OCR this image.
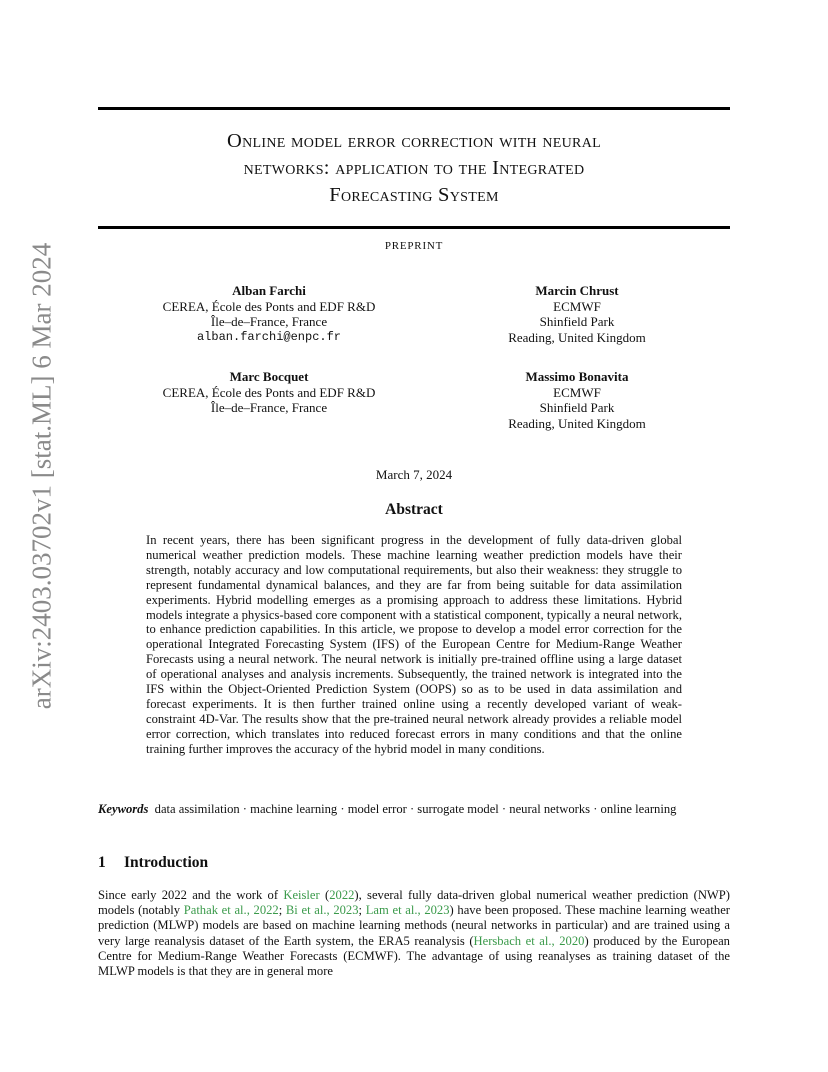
arXiv:2403.03702v1 [stat.ML] 6 Mar 2024
Online model error correction with neural
networks: application to the Integrated
Forecasting System
PREPRINT
Alban Farchi
CEREA, École des Ponts and EDF R&D
Île–de–France, France
alban.farchi@enpc.fr
Marcin Chrust
ECMWF
Shinfield Park
Reading, United Kingdom
Marc Bocquet
CEREA, École des Ponts and EDF R&D
Île–de–France, France
Massimo Bonavita
ECMWF
Shinfield Park
Reading, United Kingdom
March 7, 2024
Abstract
In recent years, there has been significant progress in the development of fully data-driven global numerical weather prediction models. These machine learning weather prediction models have their strength, notably accuracy and low computational requirements, but also their weakness: they struggle to represent fundamental dynamical balances, and they are far from being suitable for data assimilation experiments. Hybrid modelling emerges as a promising approach to address these limitations. Hybrid models integrate a physics-based core component with a statistical component, typically a neural network, to enhance prediction capabilities. In this article, we propose to develop a model error correction for the operational Integrated Forecasting System (IFS) of the European Centre for Medium-Range Weather Forecasts using a neural network. The neural network is initially pre-trained offline using a large dataset of operational analyses and analysis increments. Subsequently, the trained network is integrated into the IFS within the Object-Oriented Prediction System (OOPS) so as to be used in data assimilation and forecast experiments. It is then further trained online using a recently developed variant of weak-constraint 4D-Var. The results show that the pre-trained neural network already provides a reliable model error correction, which translates into reduced forecast errors in many conditions and that the online training further improves the accuracy of the hybrid model in many conditions.
Keywords data assimilation · machine learning · model error · surrogate model · neural networks · online learning
1 Introduction
Since early 2022 and the work of Keisler (2022), several fully data-driven global numerical weather prediction (NWP) models (notably Pathak et al., 2022; Bi et al., 2023; Lam et al., 2023) have been proposed. These machine learning weather prediction (MLWP) models are based on machine learning methods (neural networks in particular) and are trained using a very large reanalysis dataset of the Earth system, the ERA5 reanalysis (Hersbach et al., 2020) produced by the European Centre for Medium-Range Weather Forecasts (ECMWF). The advantage of using reanalyses as training dataset of the MLWP models is that they are in general more
